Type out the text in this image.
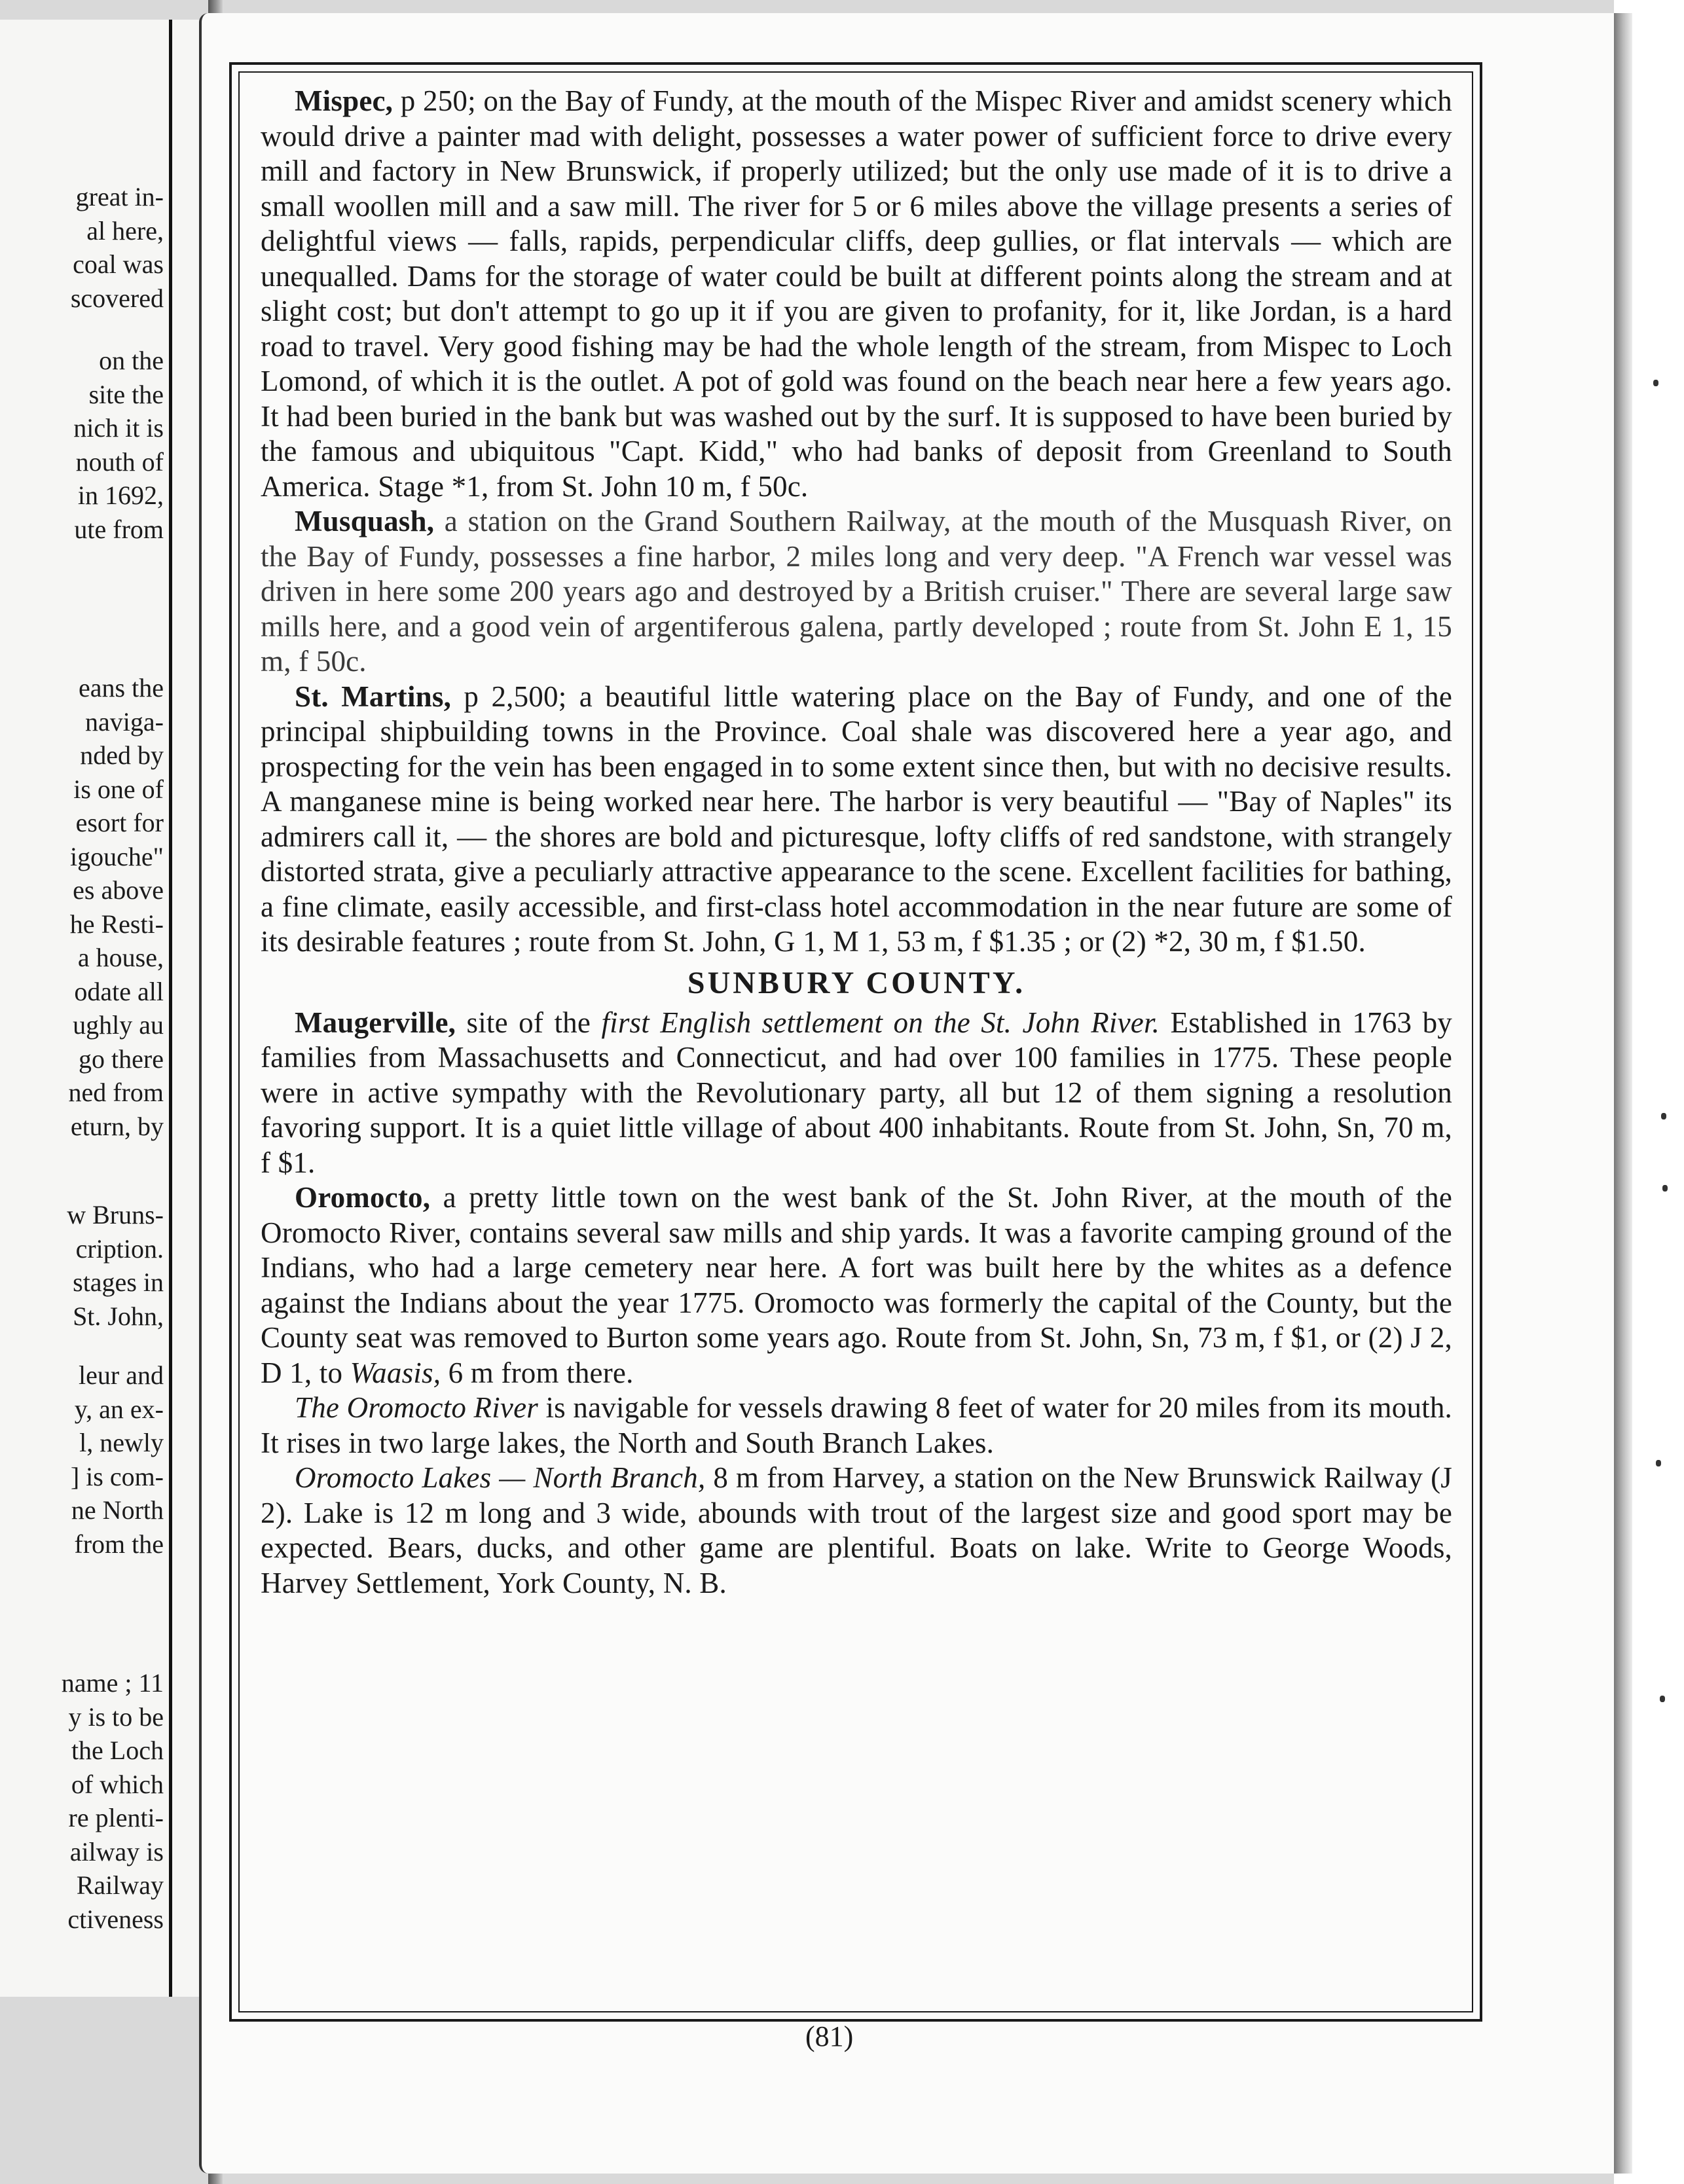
great in-
al here,
coal was
scovered
on the
site the
nich it is
nouth of
in 1692,
ute from
eans the
naviga-
nded by
is one of
esort for
igouche"
es above
he Resti-
a house,
odate all
ughly au
go there
ned from
eturn, by
w Bruns-
cription.
stages in
St. John,
leur and
y, an ex-
l, newly
] is com-
ne North
from the
name ; 11
y is to be
the Loch
of which
re plenti-
ailway is
Railway
ctiveness

Mispec, p 250; on the Bay of Fundy, at the mouth of the Mispec River and amidst scenery which would drive a painter mad with delight, possesses a water power of sufficient force to drive every mill and factory in New Brunswick, if properly utilized; but the only use made of it is to drive a small woollen mill and a saw mill. The river for 5 or 6 miles above the village presents a series of delightful views — falls, rapids, perpendicular cliffs, deep gullies, or flat intervals — which are unequalled. Dams for the storage of water could be built at different points along the stream and at slight cost; but don't attempt to go up it if you are given to profanity, for it, like Jordan, is a hard road to travel. Very good fishing may be had the whole length of the stream, from Mispec to Loch Lomond, of which it is the outlet. A pot of gold was found on the beach near here a few years ago. It had been buried in the bank but was washed out by the surf. It is supposed to have been buried by the famous and ubiquitous "Capt. Kidd," who had banks of deposit from Greenland to South America. Stage *1, from St. John 10 m, f 50c.

Musquash, a station on the Grand Southern Railway, at the mouth of the Musquash River, on the Bay of Fundy, possesses a fine harbor, 2 miles long and very deep. "A French war vessel was driven in here some 200 years ago and destroyed by a British cruiser." There are several large saw mills here, and a good vein of argentiferous galena, partly developed ; route from St. John E 1, 15 m, f 50c.

St. Martins, p 2,500; a beautiful little watering place on the Bay of Fundy, and one of the principal shipbuilding towns in the Province. Coal shale was discovered here a year ago, and prospecting for the vein has been engaged in to some extent since then, but with no decisive results. A manganese mine is being worked near here. The harbor is very beautiful — "Bay of Naples" its admirers call it, — the shores are bold and picturesque, lofty cliffs of red sandstone, with strangely distorted strata, give a peculiarly attractive appearance to the scene. Excellent facilities for bathing, a fine climate, easily accessible, and first-class hotel accommodation in the near future are some of its desirable features ; route from St. John, G 1, M 1, 53 m, f $1.35 ; or (2) *2, 30 m, f $1.50.

SUNBURY COUNTY.

Maugerville, site of the first English settlement on the St. John River. Established in 1763 by families from Massachusetts and Connecticut, and had over 100 families in 1775. These people were in active sympathy with the Revolutionary party, all but 12 of them signing a resolution favoring support. It is a quiet little village of about 400 inhabitants. Route from St. John, Sn, 70 m, f $1.

Oromocto, a pretty little town on the west bank of the St. John River, at the mouth of the Oromocto River, contains several saw mills and ship yards. It was a favorite camping ground of the Indians, who had a large cemetery near here. A fort was built here by the whites as a defence against the Indians about the year 1775. Oromocto was formerly the capital of the County, but the County seat was removed to Burton some years ago. Route from St. John, Sn, 73 m, f $1, or (2) J 2, D 1, to Waasis, 6 m from there.

The Oromocto River is navigable for vessels drawing 8 feet of water for 20 miles from its mouth. It rises in two large lakes, the North and South Branch Lakes.

Oromocto Lakes — North Branch, 8 m from Harvey, a station on the New Brunswick Railway (J 2). Lake is 12 m long and 3 wide, abounds with trout of the largest size and good sport may be expected. Bears, ducks, and other game are plentiful. Boats on lake. Write to George Woods, Harvey Settlement, York County, N. B.

(81)
